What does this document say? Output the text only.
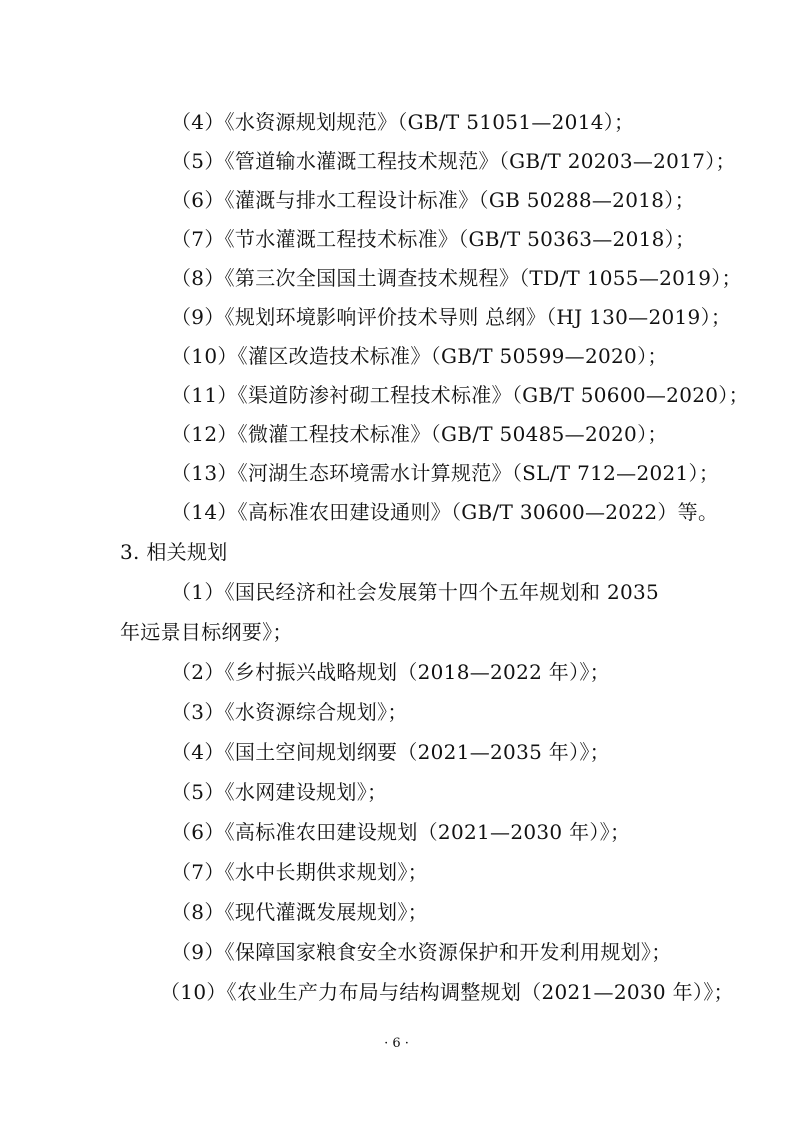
（4）《水资源规划规范》（GB/T 51051—2014）；
（5）《管道输水灌溉工程技术规范》（GB/T 20203—2017）；
（6）《灌溉与排水工程设计标准》（GB 50288—2018）；
（7）《节水灌溉工程技术标准》（GB/T 50363—2018）；
（8）《第三次全国国土调查技术规程》（TD/T 1055—2019）；
（9）《规划环境影响评价技术导则 总纲》（HJ 130—2019）；
（10）《灌区改造技术标准》（GB/T 50599—2020）；
（11）《渠道防渗衬砌工程技术标准》（GB/T 50600—2020）；
（12）《微灌工程技术标准》（GB/T 50485—2020）；
（13）《河湖生态环境需水计算规范》（SL/T 712—2021）；
（14）《高标准农田建设通则》（GB/T 30600—2022）等。
3. 相关规划
（1）《国民经济和社会发展第十四个五年规划和 2035
年远景目标纲要》；
（2）《乡村振兴战略规划（2018—2022 年）》；
（3）《水资源综合规划》；
（4）《国土空间规划纲要（2021—2035 年）》；
（5）《水网建设规划》；
（6）《高标准农田建设规划（2021—2030 年）》；
（7）《水中长期供求规划》；
（8）《现代灌溉发展规划》；
（9）《保障国家粮食安全水资源保护和开发利用规划》；
（10）《农业生产力布局与结构调整规划（2021—2030 年）》；
· 6 ·
